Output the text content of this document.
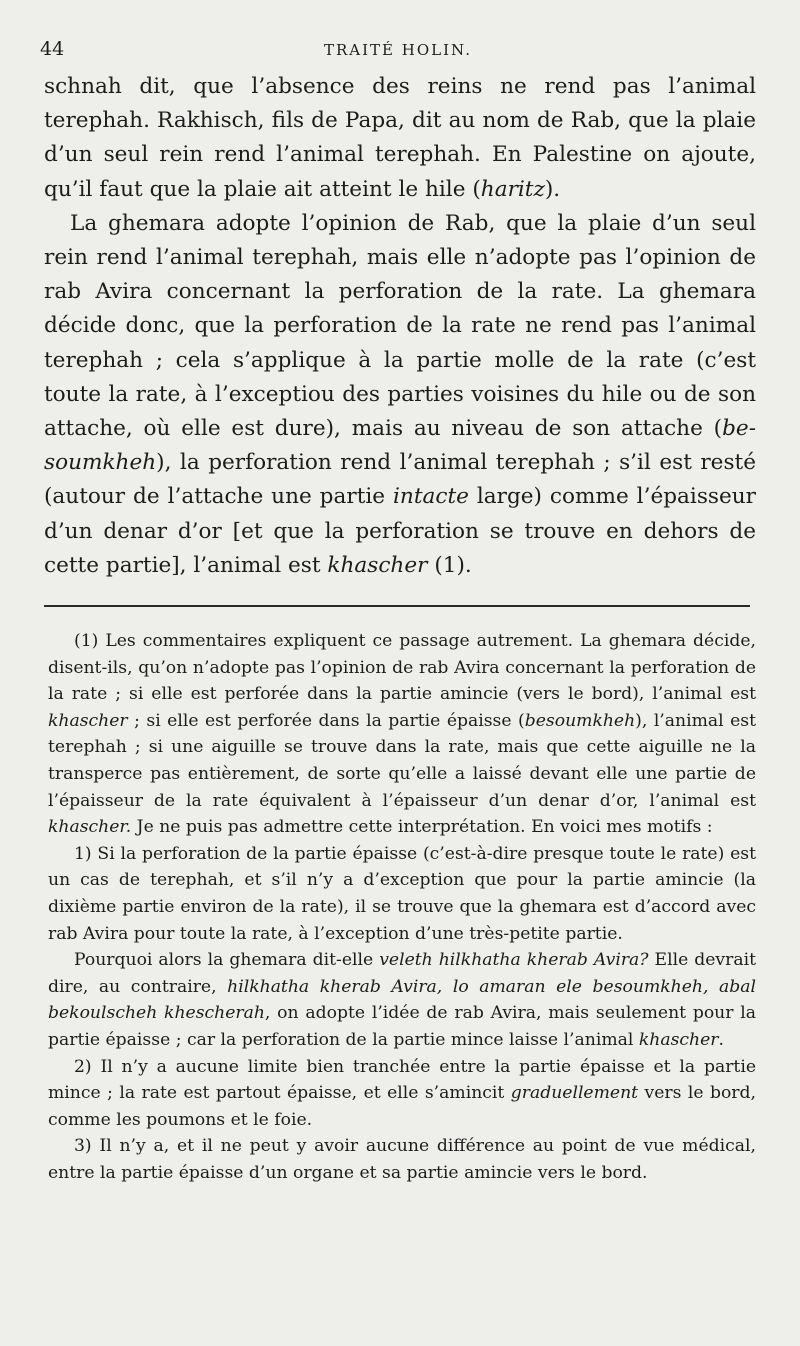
44	TRAITÉ HOLIN.

schnah dit, que l’absence des reins ne rend pas l’animal terephah. Rakhisch, fils de Papa, dit au nom de Rab, que la plaie d’un seul rein rend l’animal terephah. En Palestine on ajoute, qu’il faut que la plaie ait atteint le hile (haritz).

La ghemara adopte l’opinion de Rab, que la plaie d’un seul rein rend l’animal terephah, mais elle n’adopte pas l’opinion de rab Avira concernant la perforation de la rate. La ghemara décide donc, que la perforation de la rate ne rend pas l’animal terephah ; cela s’applique à la partie molle de la rate (c’est toute la rate, à l’exceptiou des parties voisines du hile ou de son attache, où elle est dure), mais au niveau de son attache (be-soumkheh), la perforation rend l’animal terephah ; s’il est resté (autour de l’attache une partie intacte large) comme l’épaisseur d’un denar d’or [et que la perforation se trouve en dehors de cette partie], l’animal est khascher (1).

(1) Les commentaires expliquent ce passage autrement. La ghemara décide, disent-ils, qu’on n’adopte pas l’opinion de rab Avira concernant la perforation de la rate ; si elle est perforée dans la partie amincie (vers le bord), l’animal est khascher ; si elle est perforée dans la partie épaisse (besoumkheh), l’animal est terephah ; si une aiguille se trouve dans la rate, mais que cette aiguille ne la transperce pas entièrement, de sorte qu’elle a laissé devant elle une partie de l’épaisseur de la rate équivalent à l’épaisseur d’un denar d’or, l’animal est khascher. Je ne puis pas admettre cette interprétation. En voici mes motifs :

1) Si la perforation de la partie épaisse (c’est-à-dire presque toute le rate) est un cas de terephah, et s’il n’y a d’exception que pour la partie amincie (la dixième partie environ de la rate), il se trouve que la ghemara est d’accord avec rab Avira pour toute la rate, à l’exception d’une très-petite partie.

Pourquoi alors la ghemara dit-elle veleth hilkhatha kherab Avira? Elle devrait dire, au contraire, hilkhatha kherab Avira, lo amaran ele besoumkheh, abal bekoulscheh khescherah, on adopte l’idée de rab Avira, mais seulement pour la partie épaisse ; car la perforation de la partie mince laisse l’animal khascher.

2) Il n’y a aucune limite bien tranchée entre la partie épaisse et la partie mince ; la rate est partout épaisse, et elle s’amincit graduellement vers le bord, comme les poumons et le foie.

3) Il n’y a, et il ne peut y avoir aucune différence au point de vue médical, entre la partie épaisse d’un organe et sa partie amincie vers le bord.
